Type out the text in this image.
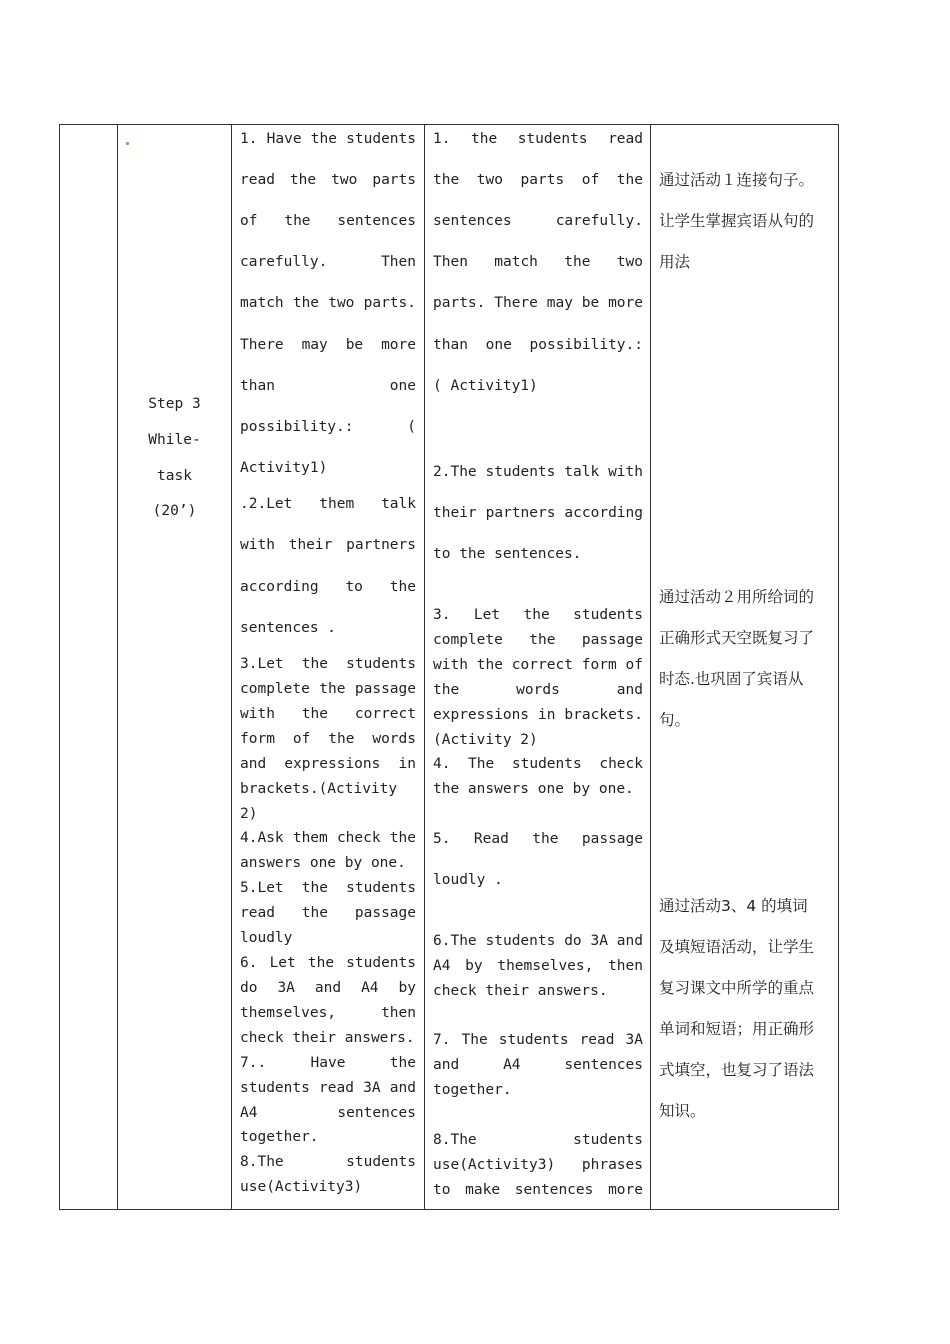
Step 3
While-
task
(20’)
1. Have the students
read the two parts
of the sentences
carefully. Then
match the two parts.
There may be more
than one
possibility.: (
Activity1)
.2.Let them talk
with their partners
according to the
sentences .
3.Let the students
complete the passage
with the correct
form of the words
and expressions in
brackets.(Activity
2)
4.Ask them check the
answers one by one.
5.Let the students
read the passage
loudly
6. Let the students
do 3A and A4 by
themselves, then
check their answers.
7.. Have the
students read 3A and
A4 sentences
together.
8.The students
use(Activity3)
1. the students read
the two parts of the
sentences carefully.
Then match the two
parts. There may be more
than one possibility.:
( Activity1)
2.The students talk with
their partners according
to the sentences.
3. Let the students
complete the passage
with the correct form of
the words and
expressions in brackets.
(Activity 2)
4. The students check
the answers one by one.
5. Read the passage
loudly .
6.The students do 3A and
A4 by themselves, then
check their answers.
7. The students read 3A
and A4 sentences
together.
8.The students
use(Activity3) phrases
to make sentences more
通过活动１连接句子。
让学生掌握宾语从句的
用法
通过活动２用所给词的
正确形式天空既复习了
时态.也巩固了宾语从
句。
通过活动3、4 的填词
及填短语活动，让学生
复习课文中所学的重点
单词和短语；用正确形
式填空，也复习了语法
知识。
